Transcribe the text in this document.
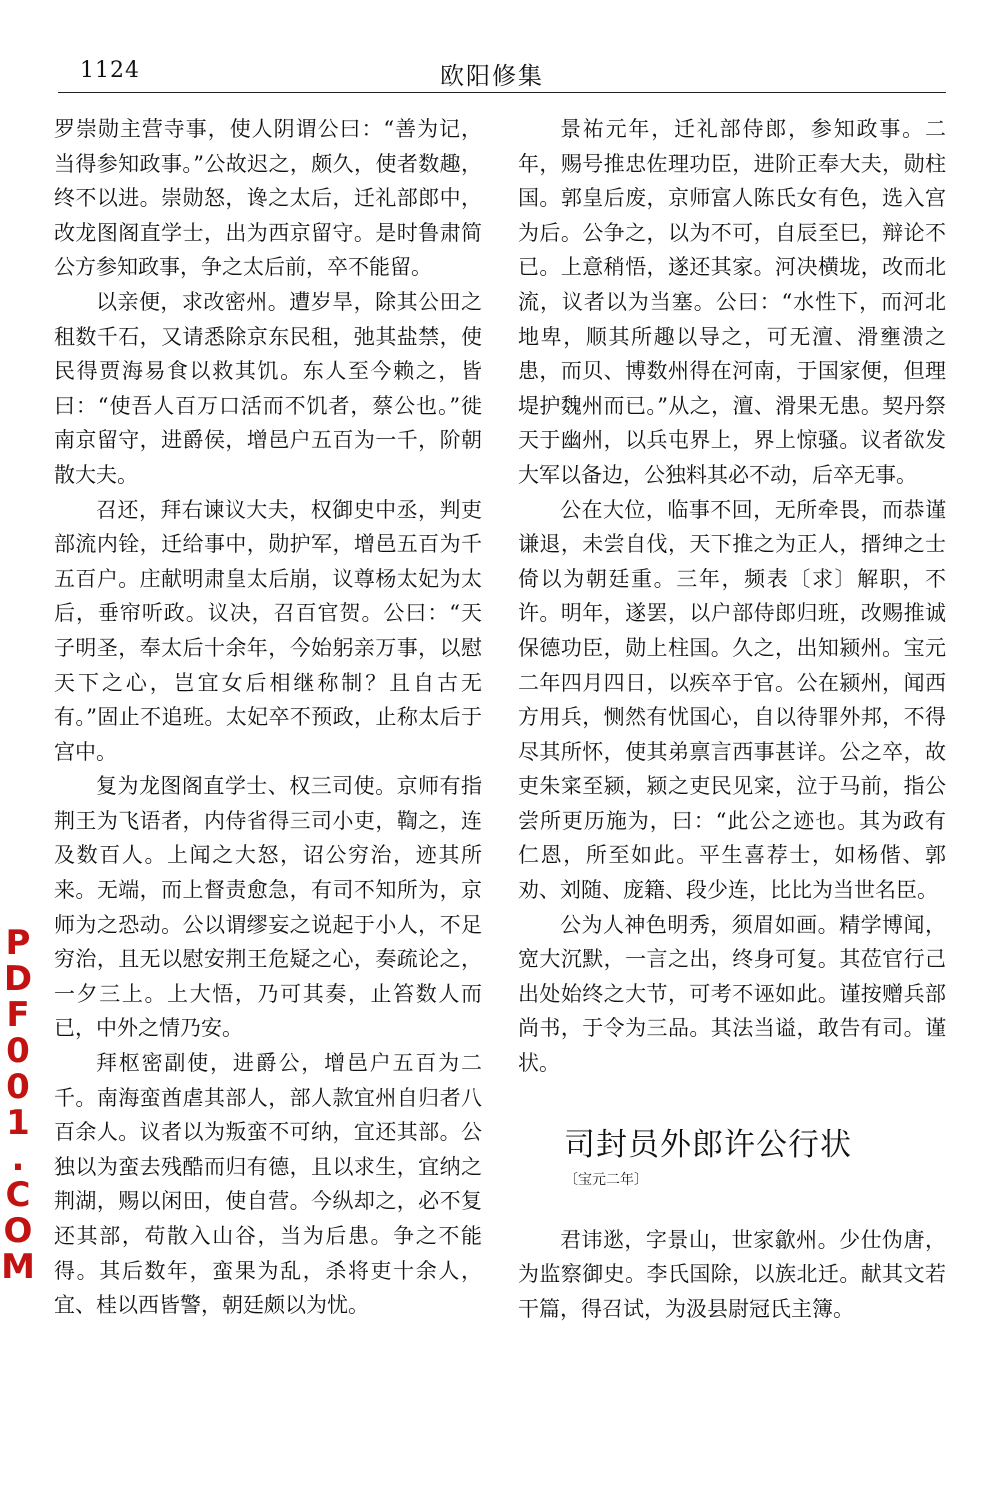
1124	欧阳修集

罗崇勋主营寺事，使人阴谓公曰：“善为记，当得参知政事。”公故迟之，颇久，使者数趣，终不以进。崇勋怒，谗之太后，迁礼部郎中，改龙图阁直学士，出为西京留守。是时鲁肃简公方参知政事，争之太后前，卒不能留。

以亲便，求改密州。遭岁旱，除其公田之租数千石，又请悉除京东民租，弛其盐禁，使民得贾海易食以救其饥。东人至今赖之，皆曰：“使吾人百万口活而不饥者，蔡公也。”徙南京留守，进爵侯，增邑户五百为一千，阶朝散大夫。

召还，拜右谏议大夫，权御史中丞，判吏部流内铨，迁给事中，勋护军，增邑五百为千五百户。庄献明肃皇太后崩，议尊杨太妃为太后，垂帘听政。议决，召百官贺。公曰：“天子明圣，奉太后十余年，今始躬亲万事，以慰天下之心，岂宜女后相继称制？且自古无有。”固止不追班。太妃卒不预政，止称太后于宫中。

复为龙图阁直学士、权三司使。京师有指荆王为飞语者，内侍省得三司小吏，鞫之，连及数百人。上闻之大怒，诏公穷治，迹其所来。无端，而上督责愈急，有司不知所为，京师为之恐动。公以谓缪妄之说起于小人，不足穷治，且无以慰安荆王危疑之心，奏疏论之，一夕三上。上大悟，乃可其奏，止笞数人而已，中外之情乃安。

拜枢密副使，进爵公，增邑户五百为二千。南海蛮酋虐其部人，部人款宜州自归者八百余人。议者以为叛蛮不可纳，宜还其部。公独以为蛮去残酷而归有德，且以求生，宜纳之荆湖，赐以闲田，使自营。今纵却之，必不复还其部，苟散入山谷，当为后患。争之不能得。其后数年，蛮果为乱，杀将吏十余人，宜、桂以西皆警，朝廷颇以为忧。

景祐元年，迁礼部侍郎，参知政事。二年，赐号推忠佐理功臣，进阶正奉大夫，勋柱国。郭皇后废，京师富人陈氏女有色，选入宫为后。公争之，以为不可，自辰至巳，辩论不已。上意稍悟，遂还其家。河决横垅，改而北流，议者以为当塞。公曰：“水性下，而河北地卑，顺其所趣以导之，可无澶、滑壅溃之患，而贝、博数州得在河南，于国家便，但理堤护魏州而已。”从之，澶、滑果无患。契丹祭天于幽州，以兵屯界上，界上惊骚。议者欲发大军以备边，公独料其必不动，后卒无事。

公在大位，临事不回，无所牵畏，而恭谨谦退，未尝自伐，天下推之为正人，搢绅之士倚以为朝廷重。三年，频表〔求〕解职，不许。明年，遂罢，以户部侍郎归班，改赐推诚保德功臣，勋上柱国。久之，出知颍州。宝元二年四月四日，以疾卒于官。公在颍州，闻西方用兵，恻然有忧国心，自以待罪外邦，不得尽其所怀，使其弟禀言西事甚详。公之卒，故吏朱寀至颍，颍之吏民见寀，泣于马前，指公尝所更历施为，曰：“此公之迹也。其为政有仁恩，所至如此。平生喜荐士，如杨偕、郭劝、刘随、庞籍、段少连，比比为当世名臣。

公为人神色明秀，须眉如画。精学博闻，宽大沉默，一言之出，终身可复。其莅官行己出处始终之大节，可考不诬如此。谨按赠兵部尚书，于令为三品。其法当谥，敢告有司。谨状。

司封员外郎许公行状
〔宝元二年〕

君讳逖，字景山，世家歙州。少仕伪唐，为监察御史。李氏国除，以族北迁。献其文若干篇，得召试，为汲县尉冠氏主簿。

P
D
F
0
0
1
.
C
O
M
